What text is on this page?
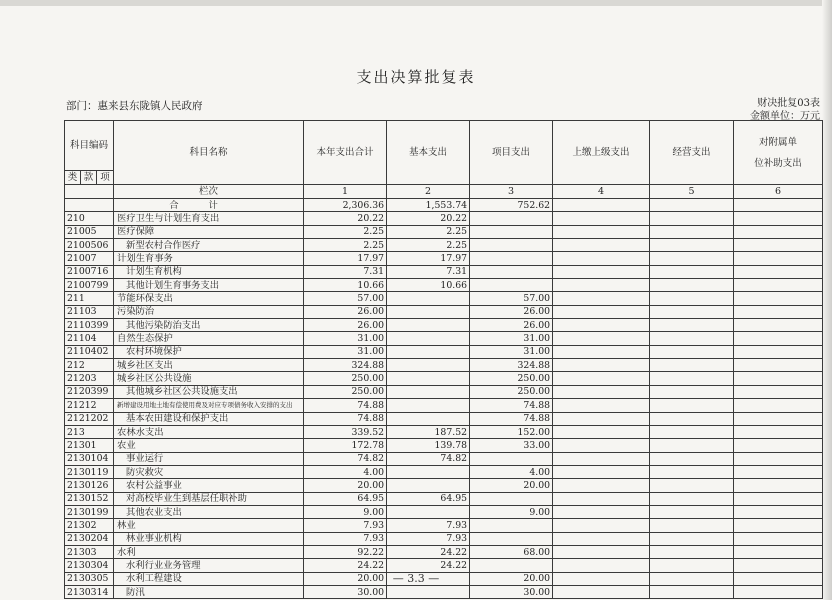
支出决算批复表
部门：惠来县东陇镇人民政府	财决批复03表
金额单位：万元
科目编码			科目名称	本年支出合计	基本支出	项目支出	上缴上级支出	经营支出	对附属单
位补助支出

类	款	项							
			栏次	1	2	3	4	5	6
			合计	2,306.36	1,553.74	752.62			
210			医疗卫生与计划生育支出	20.22	20.22				
21005			医疗保障	2.25	2.25				
2100506			新型农村合作医疗	2.25	2.25				
21007			计划生育事务	17.97	17.97				
2100716			计划生育机构	7.31	7.31				
2100799			其他计划生育事务支出	10.66	10.66				
211			节能环保支出	57.00		57.00			
21103			污染防治	26.00		26.00			
2110399			其他污染防治支出	26.00		26.00			
21104			自然生态保护	31.00		31.00			
2110402			农村环境保护	31.00		31.00			
212			城乡社区支出	324.88		324.88			
21203			城乡社区公共设施	250.00		250.00			
2120399			其他城乡社区公共设施支出	250.00		250.00			
21212			新增建设用地土地有偿使用费及对应专项债务收入安排的支出	74.88		74.88			
2121202			基本农田建设和保护支出	74.88		74.88			
213			农林水支出	339.52	187.52	152.00			
21301			农业	172.78	139.78	33.00			
2130104			事业运行	74.82	74.82				
2130119			防灾救灾	4.00		4.00			
2130126			农村公益事业	20.00		20.00			
2130152			对高校毕业生到基层任职补助	64.95	64.95				
2130199			其他农业支出	9.00		9.00			
21302			林业	7.93	7.93				
2130204			林业事业机构	7.93	7.93				
21303			水利	92.22	24.22	68.00			
2130304			水利行业业务管理	24.22	24.22				
2130305			水利工程建设	20.00		20.00			
2130314			防汛	30.00		30.00			
— 3.3 —
